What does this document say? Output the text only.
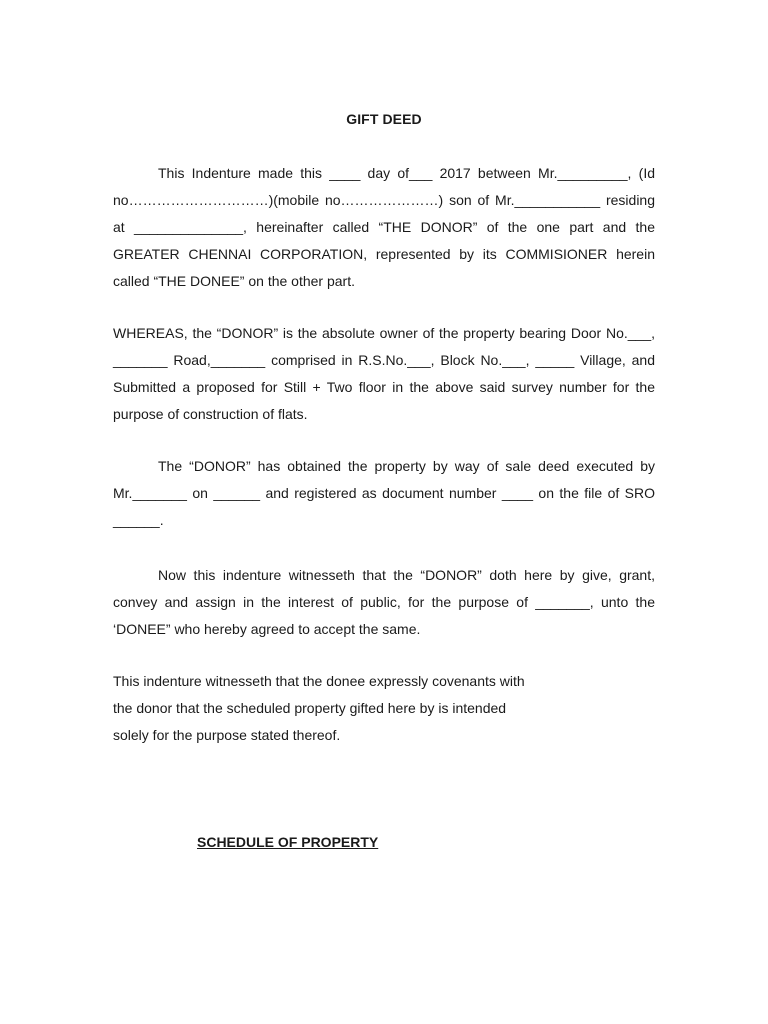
GIFT DEED
This Indenture made this ____ day of___ 2017 between Mr._________, (Id no…………………………)(mobile no…………………) son of Mr.___________ residing at ______________, hereinafter called “THE DONOR” of the one part and the GREATER CHENNAI CORPORATION, represented by its COMMISIONER herein called “THE DONEE” on the other part.
WHEREAS, the “DONOR” is the absolute owner of the property bearing Door No.___, _______ Road,_______ comprised in R.S.No.___, Block No.___, _____ Village, and Submitted a proposed for Still + Two floor in the above said survey number for the purpose of construction of flats.
The “DONOR” has obtained the property by way of sale deed executed by Mr._______ on ______ and registered as document number ____ on the file of SRO ______.
Now this indenture witnesseth that the “DONOR” doth here by give, grant, convey and assign in the interest of public, for the purpose of _______, unto the ‘DONEE” who hereby agreed to accept the same.
This indenture witnesseth that the donee expressly covenants with
the donor that the scheduled property gifted here by is intended
solely for the purpose stated thereof.
SCHEDULE OF PROPERTY
